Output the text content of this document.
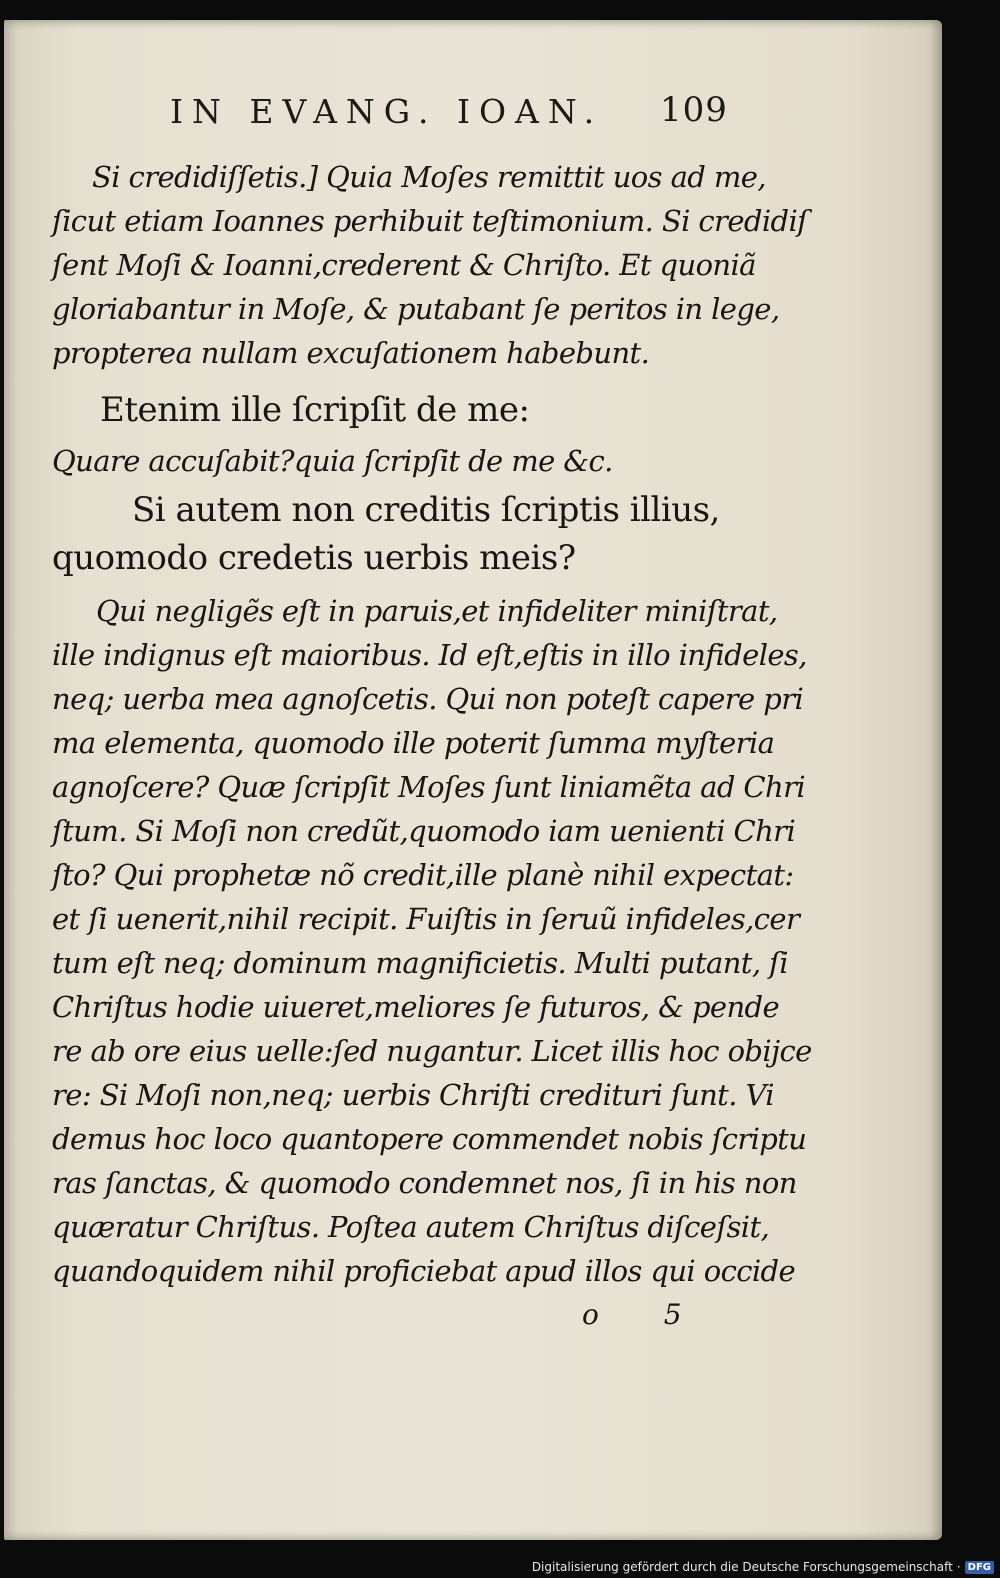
IN EVANG. IOAN.	109
Si credidiſſetis.] Quia Moſes remittit uos ad me,
ſicut etiam Ioannes perhibuit teſtimonium. Si credidiſ
ſent Moſi & Ioanni,crederent & Chriſto. Et quoniã
gloriabantur in Moſe, & putabant ſe peritos in lege,
propterea nullam excuſationem habebunt.
Etenim ille ſcripſit de me:
Quare accuſabit?quia ſcripſit de me &c.
Si autem non creditis ſcriptis illius,
quomodo credetis uerbis meis?
Qui negligẽs eſt in paruis,et infideliter miniſtrat,
ille indignus eſt maioribus. Id eſt,eſtis in illo infideles,
neq; uerba mea agnoſcetis. Qui non poteſt capere pri
ma elementa, quomodo ille poterit ſumma myſteria
agnoſcere? Quæ ſcripſit Moſes ſunt liniamẽta ad Chri
ſtum. Si Moſi non credũt,quomodo iam uenienti Chri
ſto? Qui prophetæ nõ credit,ille planè nihil expectat:
et ſi uenerit,nihil recipit. Fuiſtis in ſeruũ infideles,cer
tum eſt neq; dominum magnificietis. Multi putant, ſi
Chriſtus hodie uiueret,meliores ſe futuros, & pende
re ab ore eius uelle:ſed nugantur. Licet illis hoc obijce
re: Si Moſi non,neq; uerbis Chriſti credituri ſunt. Vi
demus hoc loco quantopere commendet nobis ſcriptu
ras ſanctas, & quomodo condemnet nos, ſi in his non
quæratur Chriſtus. Poſtea autem Chriſtus diſceſsit,
quandoquidem nihil proficiebat apud illos qui occide
o 5
Digitalisierung gefördert durch die Deutsche Forschungsgemeinschaft · DFG
